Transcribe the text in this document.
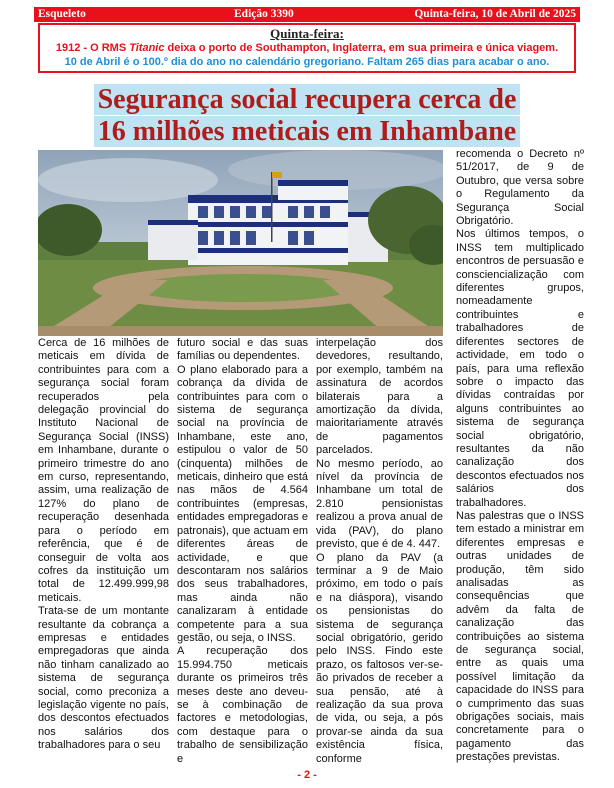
Esqueleto	Edição 3390	Quinta-feira, 10 de Abril de 2025
Quinta-feira:
1912 - O RMS Titanic deixa o porto de Southampton, Inglaterra, em sua primeira e única viagem.
10 de Abril é o 100.º dia do ano no calendário gregoriano. Faltam 265 dias para acabar o ano.
Segurança social recupera cerca de
16 milhões meticais em Inhambane

Cerca de 16 milhões de meticais em dívida de contribuintes para com a segurança social foram recuperados pela delegação provincial do Instituto Nacional de Segurança Social (INSS) em Inhambane, durante o primeiro trimestre do ano em curso, representando, assim, uma realização de 127% do plano de recuperação desenhada para o período em referência, que é de conseguir de volta aos cofres da instituição um total de 12.499.999,98 meticais.

Trata-se de um montante resultante da cobrança a empresas e entidades empregadoras que ainda não tinham canalizado ao sistema de segurança social, como preconiza a legislação vigente no país, dos descontos efectuados nos salários dos trabalhadores para o seu

futuro social e das suas famílias ou dependentes.

O plano elaborado para a cobrança da dívida de contribuintes para com o sistema de segurança social na província de Inhambane, este ano, estipulou o valor de 50 (cinquenta) milhões de meticais, dinheiro que está nas mãos de 4.564 contribuintes (empresas, entidades empregadoras e patronais), que actuam em diferentes áreas de actividade, e que descontaram nos salários dos seus trabalhadores, mas ainda não canalizaram à entidade competente para a sua gestão, ou seja, o INSS.

A recuperação dos 15.994.750 meticais durante os primeiros três meses deste ano deveu-se à combinação de factores e metodologias, com destaque para o trabalho de sensibilização e

interpelação dos devedores, resultando, por exemplo, também na assinatura de acordos bilaterais para a amortização da dívida, maioritariamente através de pagamentos parcelados.

No mesmo período, ao nível da província de Inhambane um total de 2.810 pensionistas realizou a prova anual de vida (PAV), do plano previsto, que é de 4. 447.

O plano da PAV (a terminar a 9 de Maio próximo, em todo o país e na diáspora), visando os pensionistas do sistema de segurança social obrigatório, gerido pelo INSS. Findo este prazo, os faltosos ver-se-ão privados de receber a sua pensão, até à realização da sua prova de vida, ou seja, a pós provar-se ainda da sua existência física, conforme

recomenda o Decreto nº 51/2017, de 9 de Outubro, que versa sobre o Regulamento da Segurança Social Obrigatório.

Nos últimos tempos, o INSS tem multiplicado encontros de persuasão e consciencialização com diferentes grupos, nomeadamente contribuintes e trabalhadores de diferentes sectores de actividade, em todo o país, para uma reflexão sobre o impacto das dívidas contraídas por alguns contribuintes ao sistema de segurança social obrigatório, resultantes da não canalização dos descontos efectuados nos salários dos trabalhadores.

Nas palestras que o INSS tem estado a ministrar em diferentes empresas e outras unidades de produção, têm sido analisadas as consequências que advêm da falta de canalização das contribuições ao sistema de segurança social, entre as quais uma possível limitação da capacidade do INSS para o cumprimento das suas obrigações sociais, mais concretamente para o pagamento das prestações previstas.

- 2 -
